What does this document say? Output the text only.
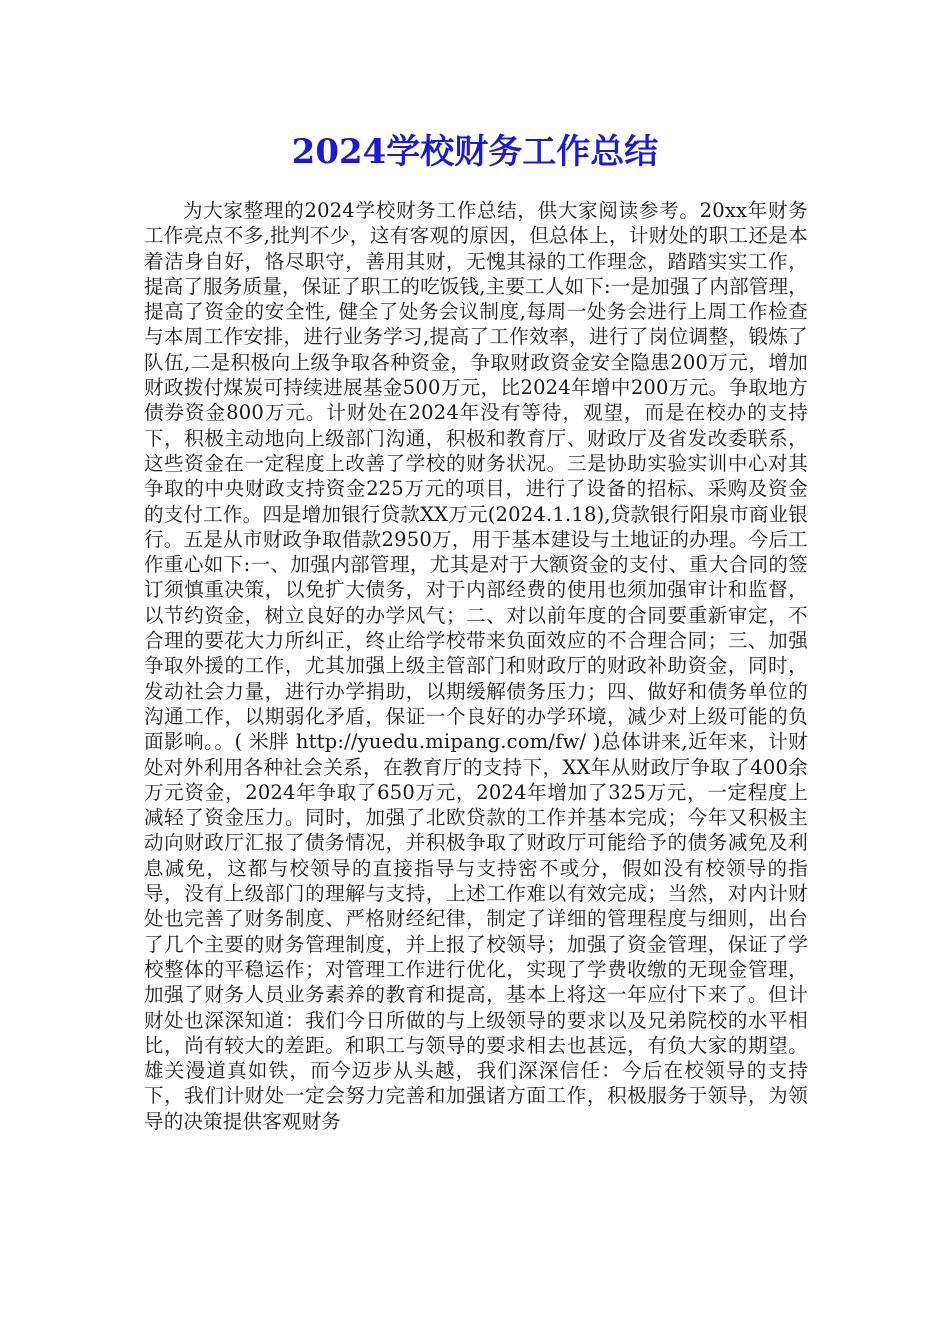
2024学校财务工作总结

为大家整理的2024学校财务工作总结，供大家阅读参考。20xx年财务工作亮点不多,批判不少，这有客观的原因，但总体上，计财处的职工还是本着洁身自好，恪尽职守，善用其财，无愧其禄的工作理念，踏踏实实工作，提高了服务质量，保证了职工的吃饭钱,主要工人如下:一是加强了内部管理，提高了资金的安全性, 健全了处务会议制度,每周一处务会进行上周工作检查与本周工作安排，进行业务学习,提高了工作效率，进行了岗位调整，锻炼了队伍,二是积极向上级争取各种资金，争取财政资金安全隐患200万元，增加财政拨付煤炭可持续进展基金500万元，比2024年增中200万元。争取地方债券资金800万元。计财处在2024年没有等待，观望，而是在校办的支持下，积极主动地向上级部门沟通，积极和教育厅、财政厅及省发改委联系，这些资金在一定程度上改善了学校的财务状况。三是协助实验实训中心对其争取的中央财政支持资金225万元的项目，进行了设备的招标、采购及资金的支付工作。四是增加银行贷款XX万元(2024.1.18),贷款银行阳泉市商业银行。五是从市财政争取借款2950万，用于基本建设与土地证的办理。今后工作重心如下:一、加强内部管理，尤其是对于大额资金的支付、重大合同的签订须慎重决策，以免扩大债务，对于内部经费的使用也须加强审计和监督，以节约资金，树立良好的办学风气；二、对以前年度的合同要重新审定，不合理的要花大力所纠正，终止给学校带来负面效应的不合理合同；三、加强争取外援的工作，尤其加强上级主管部门和财政厅的财政补助资金，同时，发动社会力量，进行办学捐助，以期缓解债务压力；四、做好和债务单位的沟通工作，以期弱化矛盾，保证一个良好的办学环境，减少对上级可能的负面影响。。( 米胖 http://yuedu.mipang.com/fw/ )总体讲来,近年来，计财处对外利用各种社会关系，在教育厅的支持下，XX年从财政厅争取了400余万元资金，2024年争取了650万元，2024年增加了325万元，一定程度上减轻了资金压力。同时，加强了北欧贷款的工作并基本完成；今年又积极主动向财政厅汇报了债务情况，并积极争取了财政厅可能给予的债务减免及利息减免，这都与校领导的直接指导与支持密不或分，假如没有校领导的指导，没有上级部门的理解与支持，上述工作难以有效完成；当然，对内计财处也完善了财务制度、严格财经纪律，制定了详细的管理程度与细则，出台了几个主要的财务管理制度，并上报了校领导；加强了资金管理，保证了学校整体的平稳运作；对管理工作进行优化，实现了学费收缴的无现金管理，加强了财务人员业务素养的教育和提高，基本上将这一年应付下来了。但计财处也深深知道：我们今日所做的与上级领导的要求以及兄弟院校的水平相比，尚有较大的差距。和职工与领导的要求相去也甚远，有负大家的期望。雄关漫道真如铁，而今迈步从头越，我们深深信任：今后在校领导的支持下，我们计财处一定会努力完善和加强诸方面工作，积极服务于领导，为领导的决策提供客观财务
